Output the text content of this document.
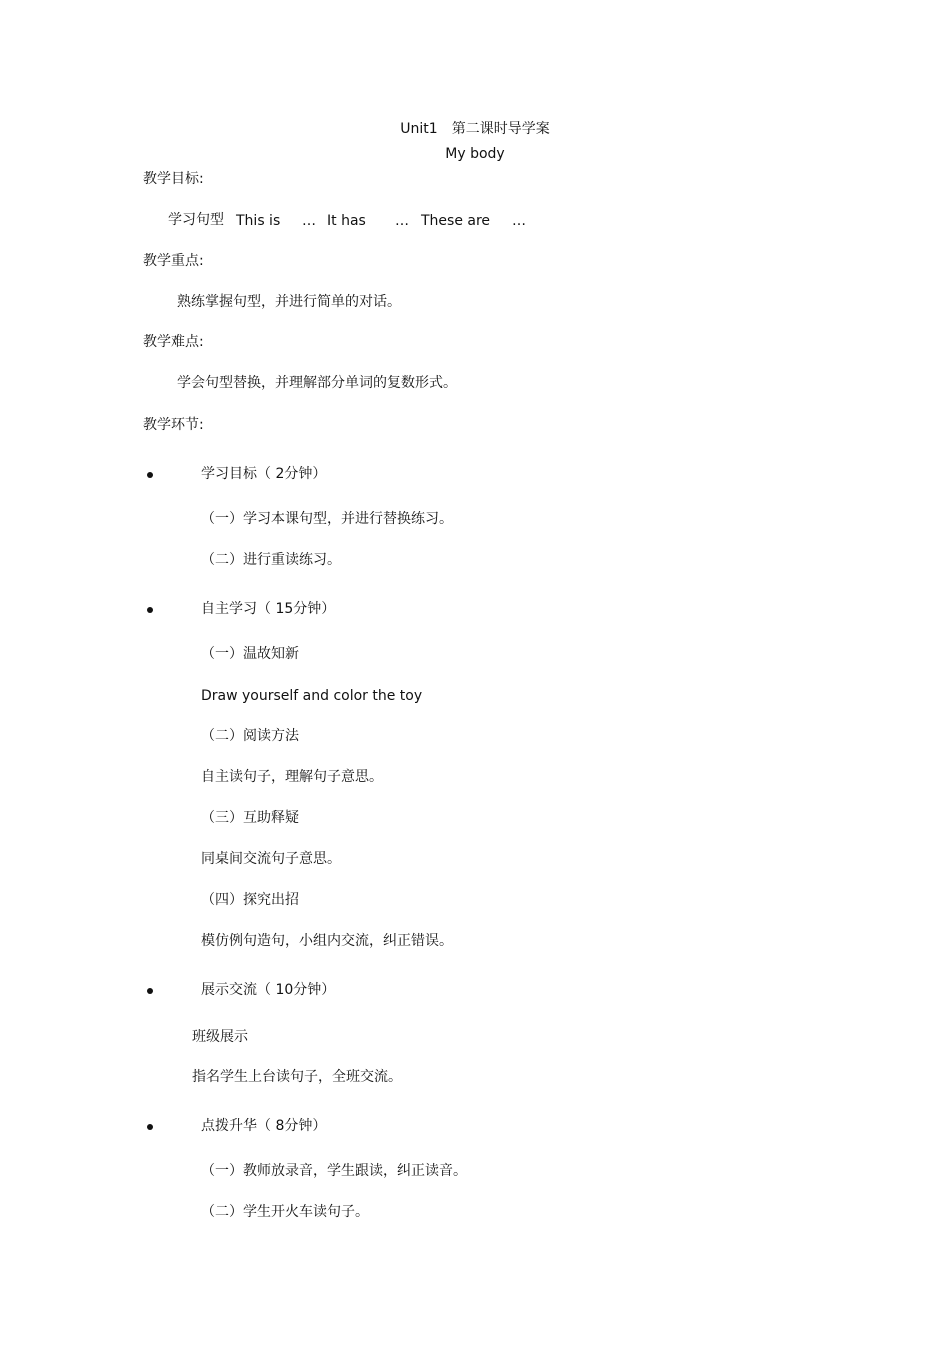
Unit1　第二课时导学案
My body
教学目标:
学习句型 This is … It has … These are …
教学重点:
熟练掌握句型，并进行简单的对话。
教学难点:
学会句型替换，并理解部分单词的复数形式。
教学环节:
学习目标（ 2分钟）
（一）学习本课句型，并进行替换练习。
（二）进行重读练习。
自主学习（ 15分钟）
（一）温故知新
Draw yourself and color the toy
（二）阅读方法
自主读句子，理解句子意思。
（三）互助释疑
同桌间交流句子意思。
（四）探究出招
模仿例句造句，小组内交流，纠正错误。
展示交流（ 10分钟）
班级展示
指名学生上台读句子，全班交流。
点拨升华（ 8分钟）
（一）教师放录音，学生跟读，纠正读音。
（二）学生开火车读句子。
